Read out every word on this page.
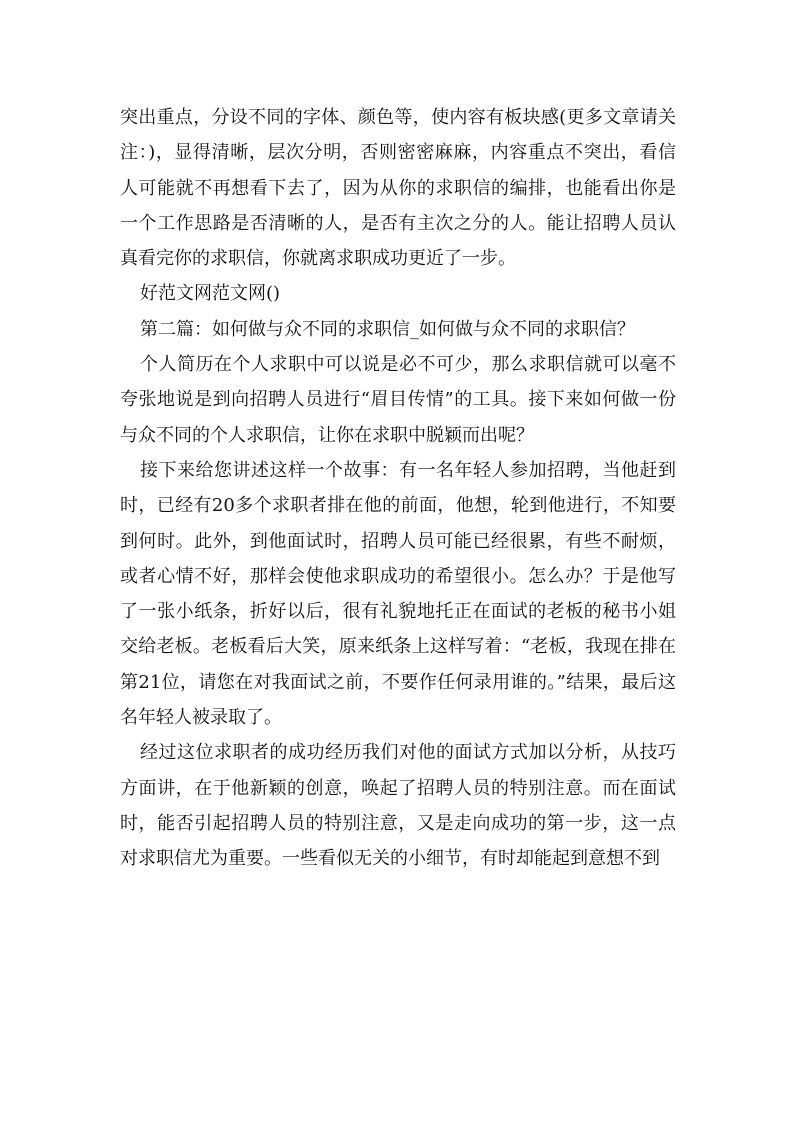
突出重点，分设不同的字体、颜色等，使内容有板块感(更多文章请关注：)，显得清晰，层次分明，否则密密麻麻，内容重点不突出，看信人可能就不再想看下去了，因为从你的求职信的编排，也能看出你是一个工作思路是否清晰的人，是否有主次之分的人。能让招聘人员认真看完你的求职信，你就离求职成功更近了一步。

好范文网范文网()

第二篇：如何做与众不同的求职信_如何做与众不同的求职信？

个人简历在个人求职中可以说是必不可少，那么求职信就可以毫不夸张地说是到向招聘人员进行“眉目传情”的工具。接下来如何做一份与众不同的个人求职信，让你在求职中脱颖而出呢？

接下来给您讲述这样一个故事：有一名年轻人参加招聘，当他赶到时，已经有20多个求职者排在他的前面，他想，轮到他进行，不知要到何时。此外，到他面试时，招聘人员可能已经很累，有些不耐烦，或者心情不好，那样会使他求职成功的希望很小。怎么办？于是他写了一张小纸条，折好以后，很有礼貌地托正在面试的老板的秘书小姐交给老板。老板看后大笑，原来纸条上这样写着：“老板，我现在排在第21位，请您在对我面试之前，不要作任何录用谁的。”结果，最后这名年轻人被录取了。

经过这位求职者的成功经历我们对他的面试方式加以分析，从技巧方面讲，在于他新颖的创意，唤起了招聘人员的特别注意。而在面试时，能否引起招聘人员的特别注意，又是走向成功的第一步，这一点对求职信尤为重要。一些看似无关的小细节，有时却能起到意想不到
